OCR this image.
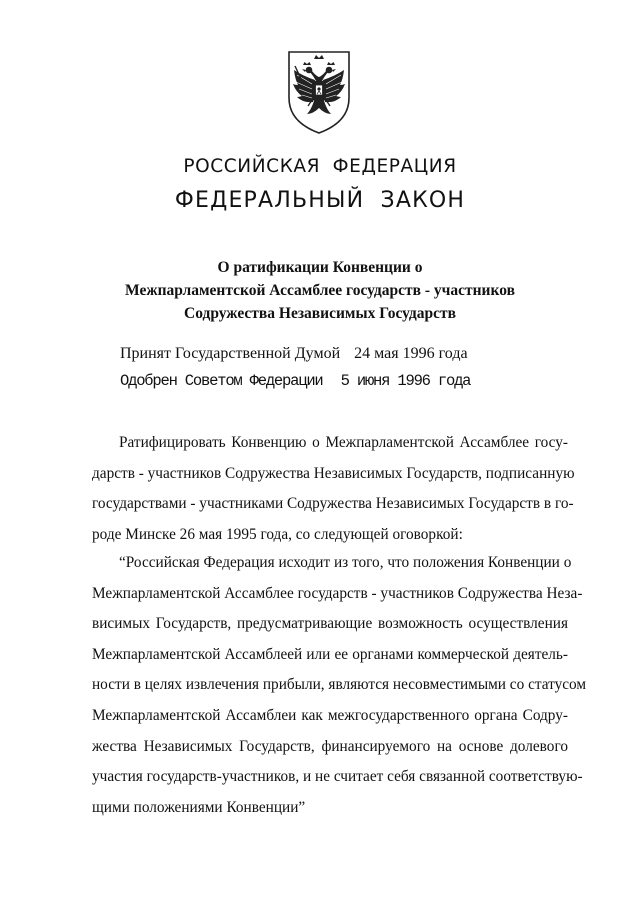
РОССИЙСКАЯ ФЕДЕРАЦИЯ
ФЕДЕРАЛЬНЫЙ ЗАКОН
О ратификации Конвенции о
Межпарламентской Ассамблее государств - участников
Содружества Независимых Государств
Принят Государственной Думой 24 мая 1996 года
Одобрен Советом Федерации 5 июня 1996 года
Ратифицировать Конвенцию о Межпарламентской Ассамблее госу-
дарств - участников Содружества Независимых Государств, подписанную
государствами - участниками Содружества Независимых Государств в го-
роде Минске 26 мая 1995 года, со следующей оговоркой:
“Российская Федерация исходит из того, что положения Конвенции о
Межпарламентской Ассамблее государств - участников Содружества Неза-
висимых Государств, предусматривающие возможность осуществления
Межпарламентской Ассамблеей или ее органами коммерческой деятель-
ности в целях извлечения прибыли, являются несовместимыми со статусом
Межпарламентской Ассамблеи как межгосударственного органа Содру-
жества Независимых Государств, финансируемого на основе долевого
участия государств-участников, и не считает себя связанной соответствую-
щими положениями Конвенции”
